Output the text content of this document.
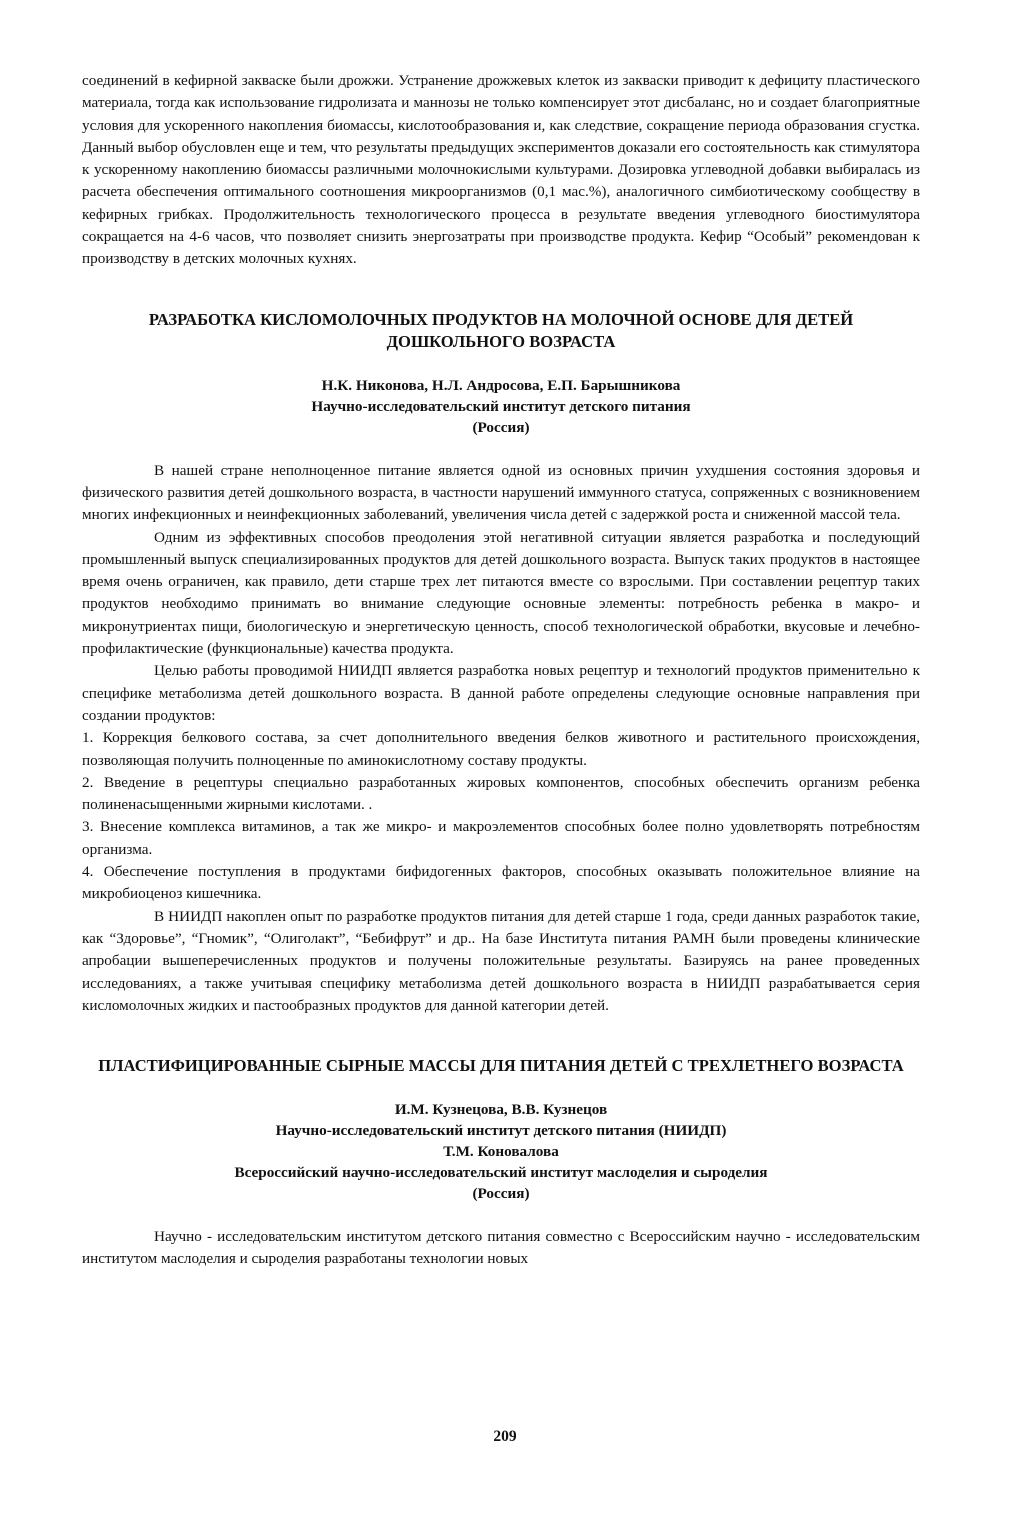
соединений в кефирной закваске были дрожжи. Устранение дрожжевых клеток из закваски приводит к дефициту пластического материала, тогда как использование гидролизата и маннозы не только компенсирует этот дисбаланс, но и создает благоприятные условия для ускоренного накопления биомассы, кислотообразования и, как следствие, сокращение периода образования сгустка. Данный выбор обусловлен еще и тем, что результаты предыдущих экспериментов доказали его состоятельность как стимулятора к ускоренному накоплению биомассы различными молочнокислыми культурами. Дозировка углеводной добавки выбиралась из расчета обеспечения оптимального соотношения микроорганизмов (0,1 мас.%), аналогичного симбиотическому сообществу в кефирных грибках. Продолжительность технологического процесса в результате введения углеводного биостимулятора сокращается на 4-6 часов, что позволяет снизить энергозатраты при производстве продукта. Кефир “Особый” рекомендован к производству в детских молочных кухнях.

РАЗРАБОТКА КИСЛОМОЛОЧНЫХ ПРОДУКТОВ НА МОЛОЧНОЙ ОСНОВЕ ДЛЯ ДЕТЕЙ ДОШКОЛЬНОГО ВОЗРАСТА

Н.К. Никонова, Н.Л. Андросова, Е.П. Барышникова

Научно-исследовательский институт детского питания

(Россия)

В нашей стране неполноценное питание является одной из основных причин ухудшения состояния здоровья и физического развития детей дошкольного возраста, в частности нарушений иммунного статуса, сопряженных с возникновением многих инфекционных и неинфекционных заболеваний, увеличения числа детей с задержкой роста и сниженной массой тела.

Одним из эффективных способов преодоления этой негативной ситуации является разработка и последующий промышленный выпуск специализированных продуктов для детей дошкольного возраста. Выпуск таких продуктов в настоящее время очень ограничен, как правило, дети старше трех лет питаются вместе со взрослыми. При составлении рецептур таких продуктов необходимо принимать во внимание следующие основные элементы: потребность ребенка в макро- и микронутриентах пищи, биологическую и энергетическую ценность, способ технологической обработки, вкусовые и лечебно-профилактические (функциональные) качества продукта.

Целью работы проводимой НИИДП является разработка новых рецептур и технологий продуктов применительно к специфике метаболизма детей дошкольного возраста. В данной работе определены следующие основные направления при создании продуктов:

1. Коррекция белкового состава, за счет дополнительного введения белков животного и растительного происхождения, позволяющая получить полноценные по аминокислотному составу продукты.

2. Введение в рецептуры специально разработанных жировых компонентов, способных обеспечить организм ребенка полиненасыщенными жирными кислотами. .

3. Внесение комплекса витаминов, а так же микро- и макроэлементов способных более полно удовлетворять потребностям организма.

4. Обеспечение поступления в продуктами бифидогенных факторов, способных оказывать положительное влияние на микробиоценоз кишечника.

В НИИДП накоплен опыт по разработке продуктов питания для детей старше 1 года, среди данных разработок такие, как “Здоровье”, “Гномик”, “Олиголакт”, “Бебифрут” и др.. На базе Института питания РАМН были проведены клинические апробации вышеперечисленных продуктов и получены положительные результаты. Базируясь на ранее проведенных исследованиях, а также учитывая специфику метаболизма детей дошкольного возраста в НИИДП разрабатывается серия кисломолочных жидких и пастообразных продуктов для данной категории детей.

ПЛАСТИФИЦИРОВАННЫЕ СЫРНЫЕ МАССЫ ДЛЯ ПИТАНИЯ ДЕТЕЙ С ТРЕХЛЕТНЕГО ВОЗРАСТА

И.М. Кузнецова, В.В. Кузнецов

Научно-исследовательский институт детского питания (НИИДП)

Т.М. Коновалова

Всероссийский научно-исследовательский институт маслоделия и сыроделия

(Россия)

Научно - исследовательским институтом детского питания совместно с Всероссийским научно - исследовательским институтом маслоделия и сыроделия разработаны технологии новых

209
